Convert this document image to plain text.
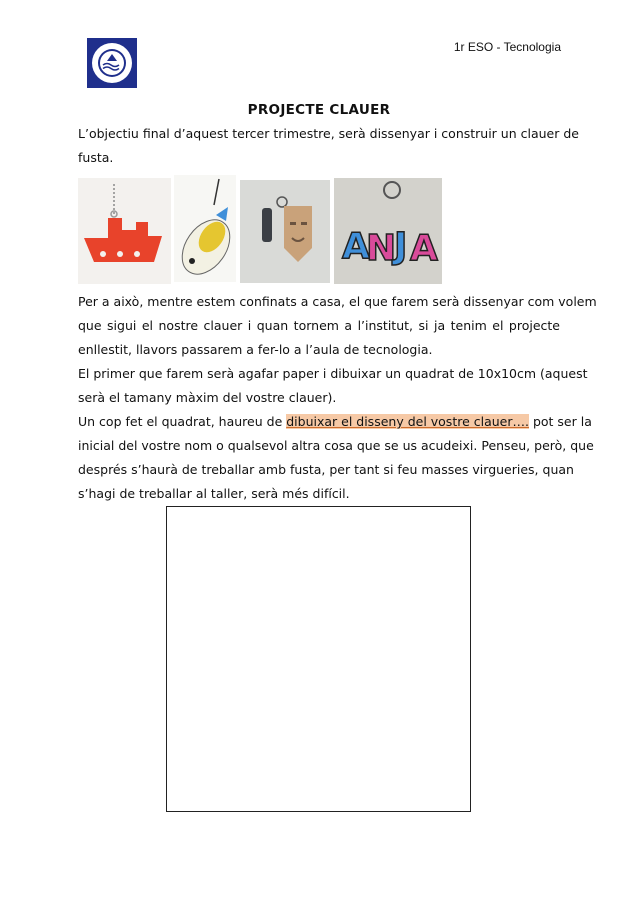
1r ESO - Tecnologia
PROJECTE CLAUER
L’objectiu final d’aquest tercer trimestre, serà dissenyar i construir un clauer de
fusta.
A
N
J A
Per a això, mentre estem confinats a casa, el que farem serà dissenyar com volem
que sigui el nostre clauer i quan tornem a l’institut, si ja tenim el projecte
enllestit, llavors passarem a fer-lo a l’aula de tecnologia.
El primer que farem serà agafar paper i dibuixar un quadrat de 10x10cm (aquest
serà el tamany màxim del vostre clauer).
Un cop fet el quadrat, haureu de dibuixar el disseny del vostre clauer…. pot ser la
inicial del vostre nom o qualsevol altra cosa que se us acudeixi. Penseu, però, que
després s’haurà de treballar amb fusta, per tant si feu masses virgueries, quan
s’hagi de treballar al taller, serà més difícil.
